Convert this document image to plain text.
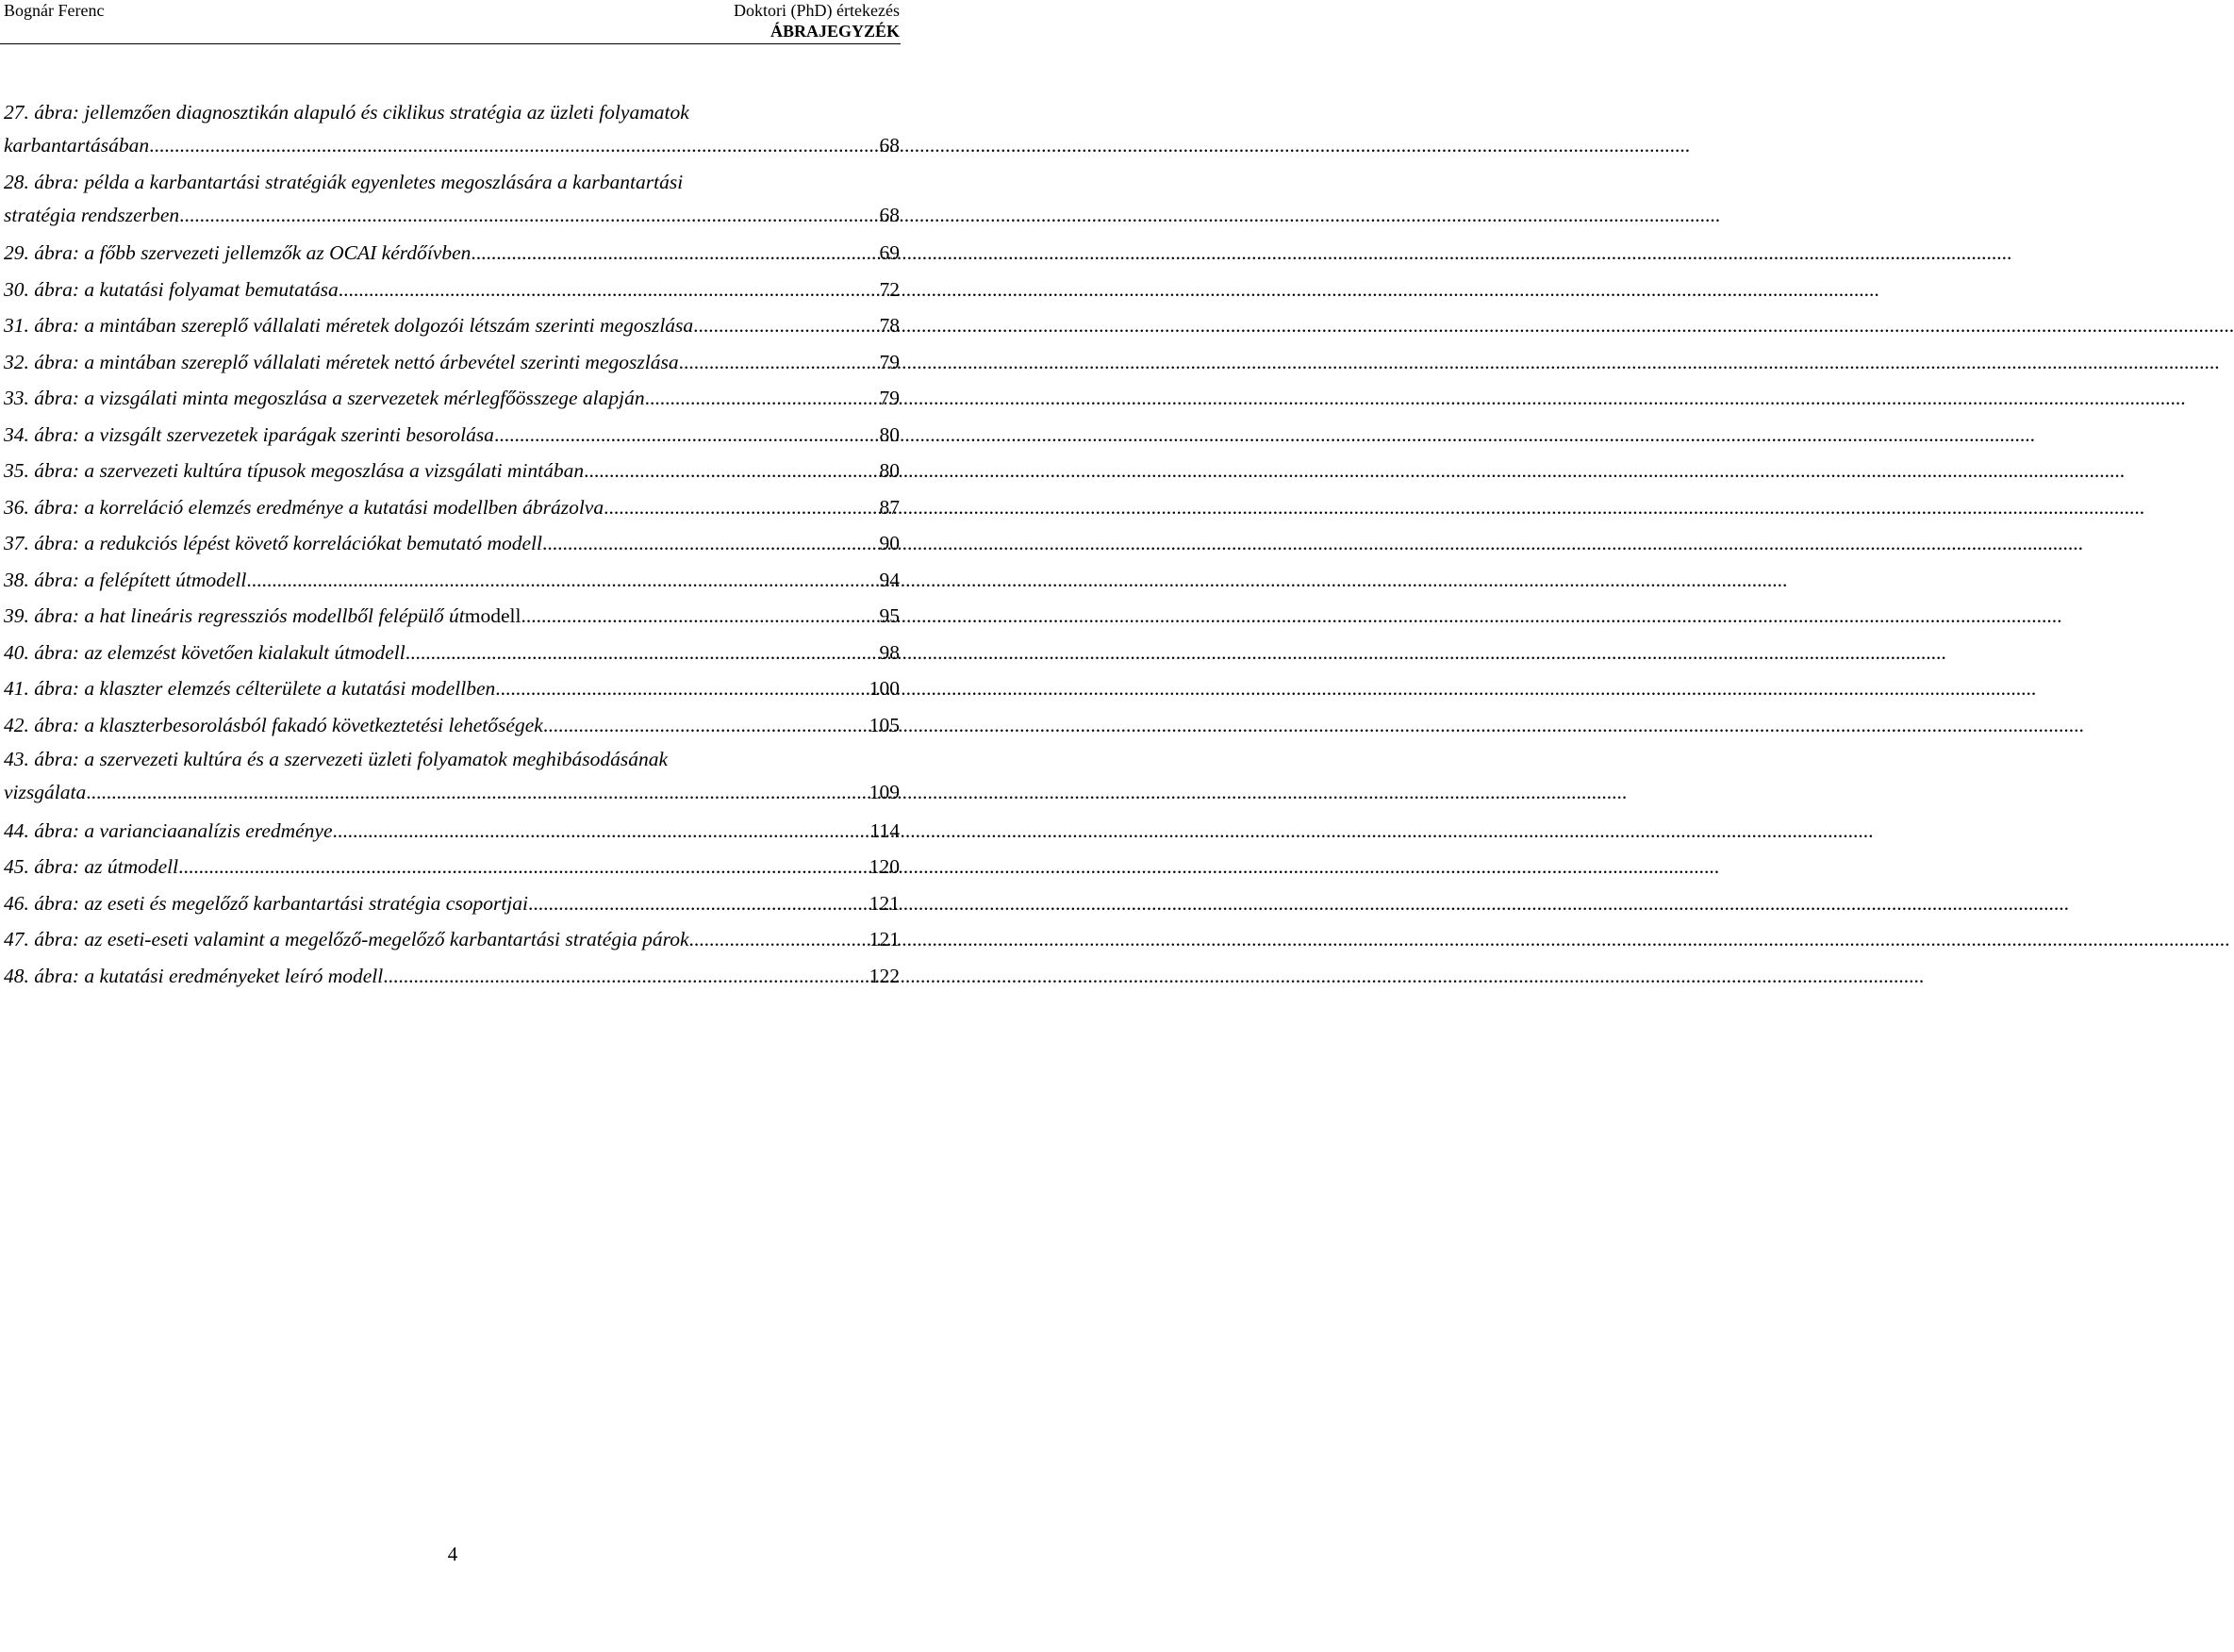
Bognár Ferenc	Doktori (PhD) értekezés
ÁBRAJEGYZÉK
27. ábra: jellemzően diagnosztikán alapuló és ciklikus stratégia az üzleti folyamatok
karbantartásában .....	68
28. ábra: példa a karbantartási stratégiák egyenletes megoszlására a karbantartási
stratégia rendszerben .....	68
29. ábra: a főbb szervezeti jellemzők az OCAI kérdőívben .....	69
30. ábra: a kutatási folyamat bemutatása .....	72
31. ábra: a mintában szereplő vállalati méretek dolgozói létszám szerinti megoszlása .....	78
32. ábra: a mintában szereplő vállalati méretek nettó árbevétel szerinti megoszlása .....	79
33. ábra: a vizsgálati minta megoszlása a szervezetek mérlegfőösszege alapján .....	79
34. ábra: a vizsgált szervezetek iparágak szerinti besorolása .....	80
35. ábra: a szervezeti kultúra típusok megoszlása a vizsgálati mintában .....	80
36. ábra: a korreláció elemzés eredménye a kutatási modellben ábrázolva .....	87
37. ábra: a redukciós lépést követő korrelációkat bemutató modell .....	90
38. ábra: a felépített útmodell .....	94
39. ábra: a hat lineáris regressziós modellből felépülő útmodell .....	95
40. ábra: az elemzést követően kialakult útmodell .....	98
41. ábra: a klaszter elemzés célterülete a kutatási modellben .....	100
42. ábra: a klaszterbesorolásból fakadó következtetési lehetőségek .....	105
43. ábra: a szervezeti kultúra és a szervezeti üzleti folyamatok meghibásodásának
vizsgálata .....	109
44. ábra: a varianciaanalízis eredménye .....	114
45. ábra: az útmodell .....	120
46. ábra: az eseti és megelőző karbantartási stratégia csoportjai .....	121
47. ábra: az eseti-eseti valamint a megelőző-megelőző karbantartási stratégia párok .....	121
48. ábra: a kutatási eredményeket leíró modell .....	122
4
